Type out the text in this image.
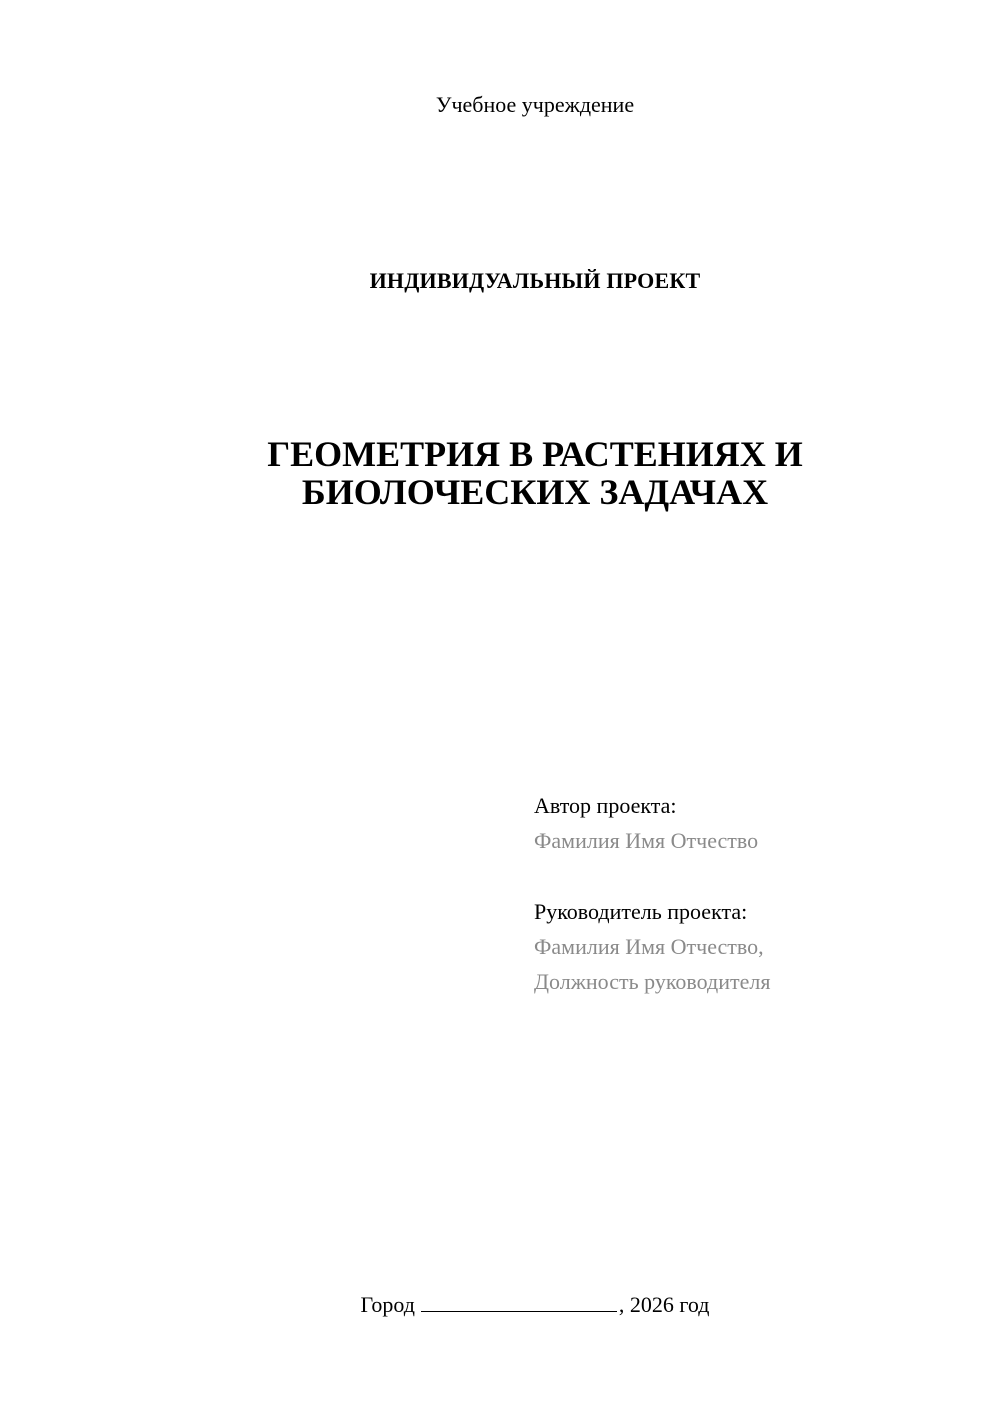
Учебное учреждение
ИНДИВИДУАЛЬНЫЙ ПРОЕКТ
ГЕОМЕТРИЯ В РАСТЕНИЯХ И
БИОЛОЧЕСКИХ ЗАДАЧАХ
Автор проекта:
Фамилия Имя Отчество
Руководитель проекта:
Фамилия Имя Отчество,
Должность руководителя
Город	, 2026 год
